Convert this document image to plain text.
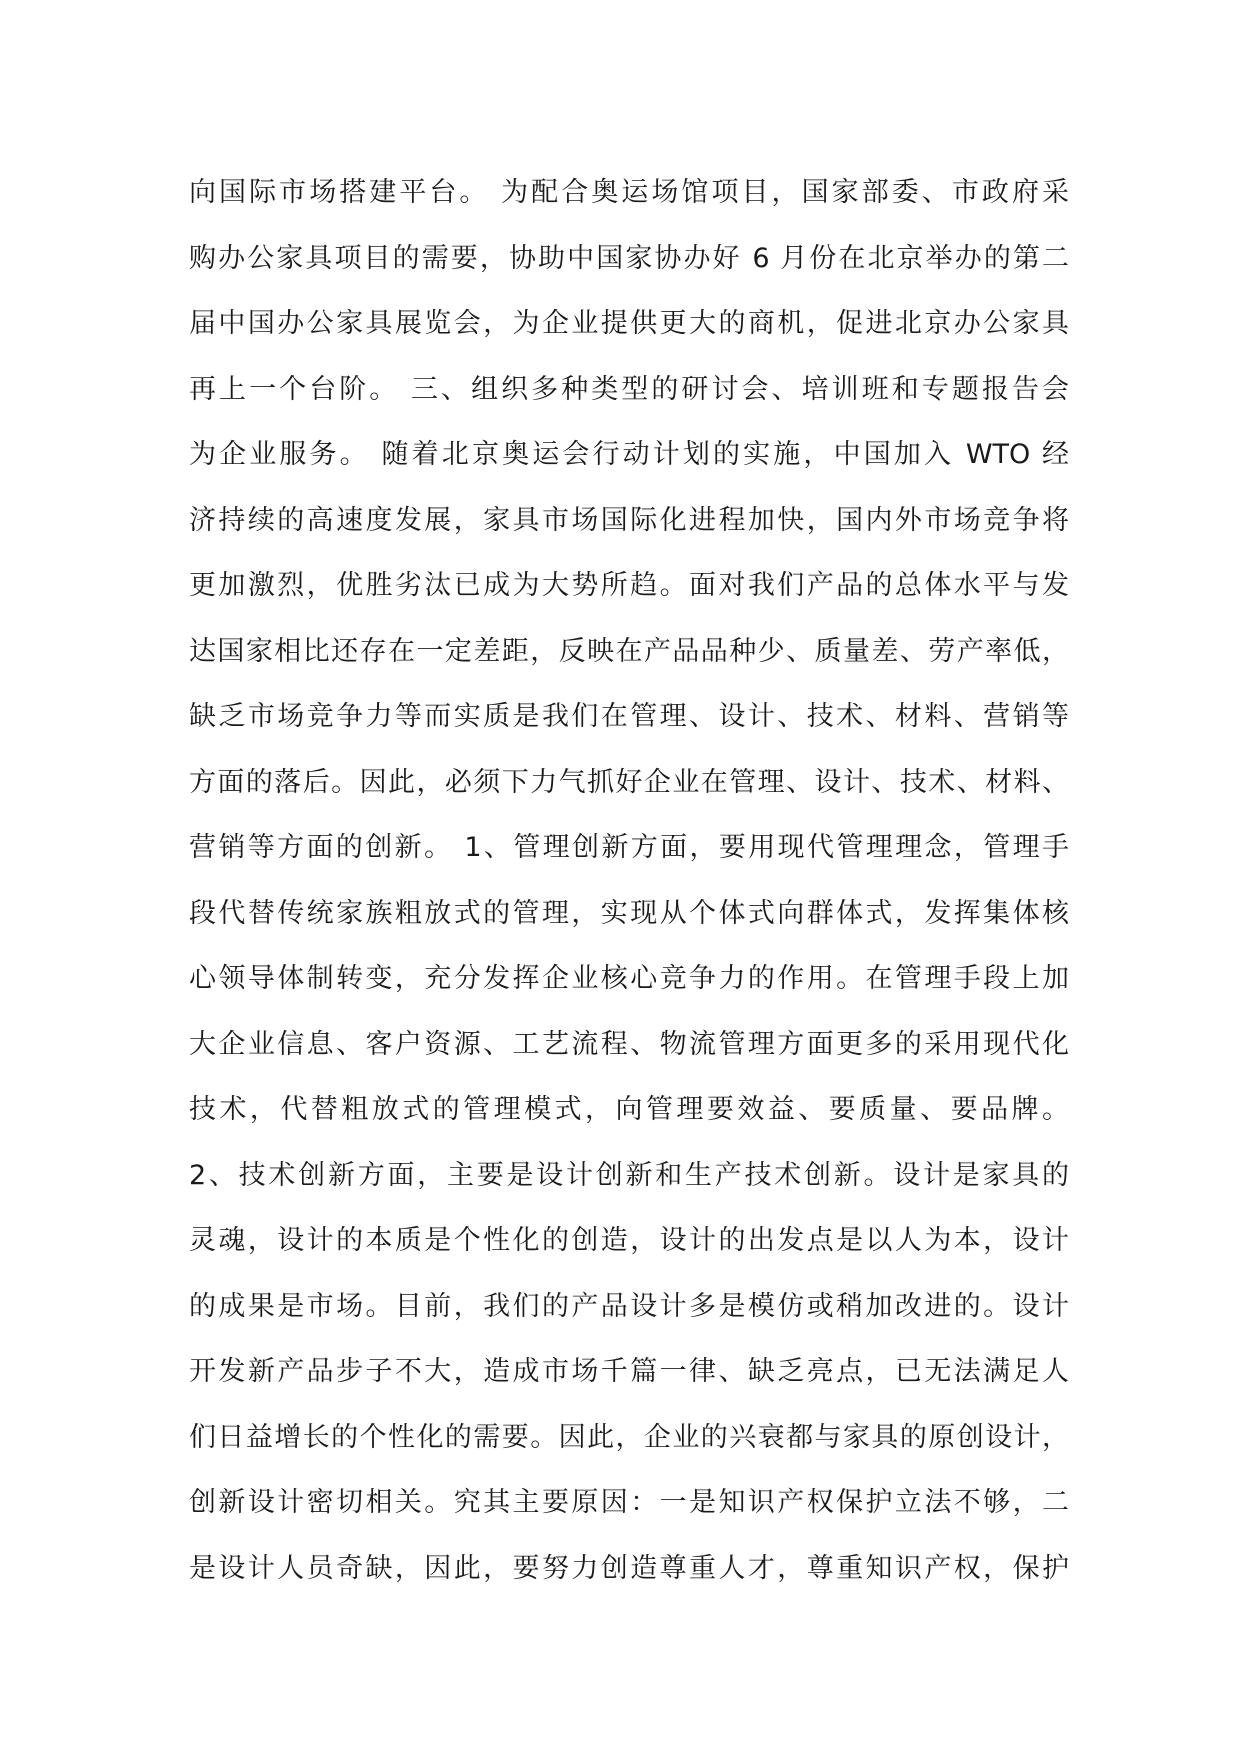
向国际市场搭建平台。 为配合奥运场馆项目，国家部委、市政府采
购办公家具项目的需要，协助中国家协办好 6 月份在北京举办的第二
届中国办公家具展览会，为企业提供更大的商机，促进北京办公家具
再上一个台阶。 三、组织多种类型的研讨会、培训班和专题报告会
为企业服务。 随着北京奥运会行动计划的实施，中国加入 WTO 经
济持续的高速度发展，家具市场国际化进程加快，国内外市场竞争将
更加激烈，优胜劣汰已成为大势所趋。面对我们产品的总体水平与发
达国家相比还存在一定差距，反映在产品品种少、质量差、劳产率低，
缺乏市场竞争力等而实质是我们在管理、设计、技术、材料、营销等
方面的落后。因此，必须下力气抓好企业在管理、设计、技术、材料、
营销等方面的创新。 1、管理创新方面，要用现代管理理念，管理手
段代替传统家族粗放式的管理，实现从个体式向群体式，发挥集体核
心领导体制转变，充分发挥企业核心竞争力的作用。在管理手段上加
大企业信息、客户资源、工艺流程、物流管理方面更多的采用现代化
技术，代替粗放式的管理模式，向管理要效益、要质量、要品牌。
2、技术创新方面，主要是设计创新和生产技术创新。设计是家具的
灵魂，设计的本质是个性化的创造，设计的出发点是以人为本，设计
的成果是市场。目前，我们的产品设计多是模仿或稍加改进的。设计
开发新产品步子不大，造成市场千篇一律、缺乏亮点，已无法满足人
们日益增长的个性化的需要。因此，企业的兴衰都与家具的原创设计，
创新设计密切相关。究其主要原因：一是知识产权保护立法不够，二
是设计人员奇缺，因此，要努力创造尊重人才，尊重知识产权，保护
